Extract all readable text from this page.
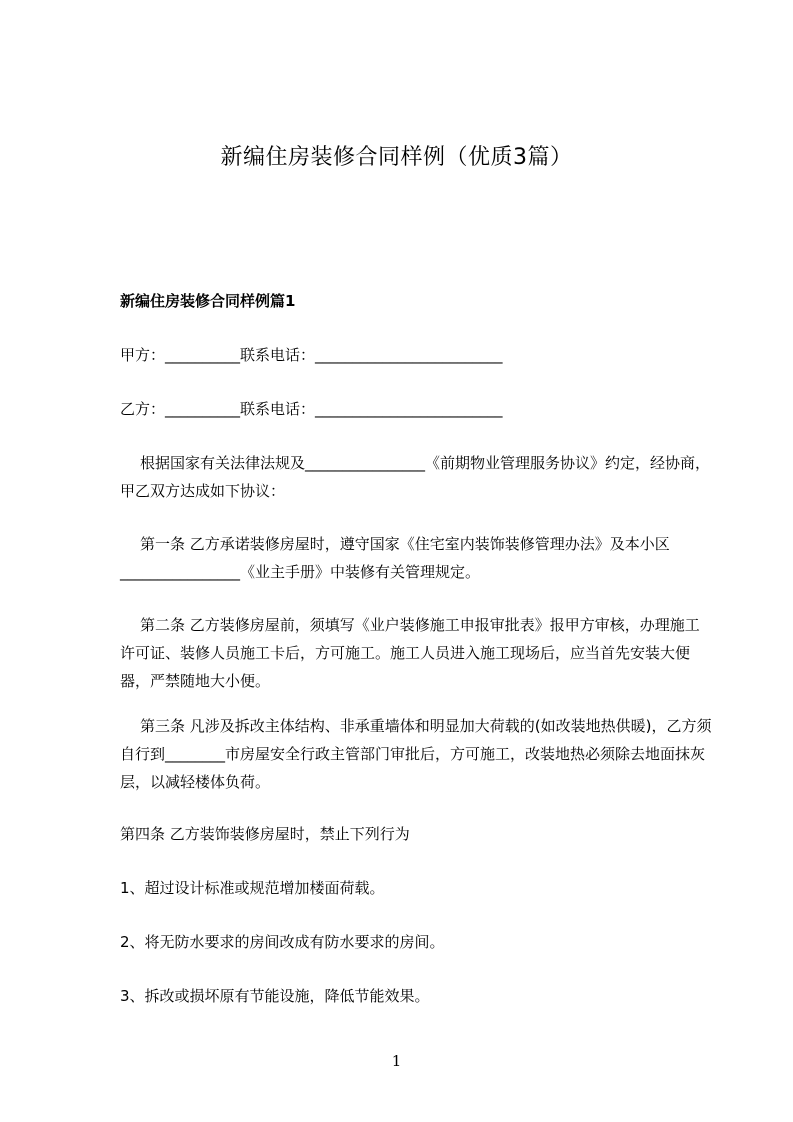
新编住房装修合同样例（优质3篇）

新编住房装修合同样例篇1

甲方：__________联系电话：_________________________

乙方：__________联系电话：_________________________

根据国家有关法律法规及________________《前期物业管理服务协议》约定，经协商，甲乙双方达成如下协议：

第一条 乙方承诺装修房屋时，遵守国家《住宅室内装饰装修管理办法》及本小区________________《业主手册》中装修有关管理规定。

第二条 乙方装修房屋前，须填写《业户装修施工申报审批表》报甲方审核，办理施工许可证、装修人员施工卡后，方可施工。施工人员进入施工现场后，应当首先安装大便器，严禁随地大小便。

第三条 凡涉及拆改主体结构、非承重墙体和明显加大荷载的(如改装地热供暖)，乙方须自行到________市房屋安全行政主管部门审批后，方可施工，改装地热必须除去地面抹灰层，以减轻楼体负荷。

第四条 乙方装饰装修房屋时，禁止下列行为

1、超过设计标准或规范增加楼面荷载。

2、将无防水要求的房间改成有防水要求的房间。

3、拆改或损坏原有节能设施，降低节能效果。

1
